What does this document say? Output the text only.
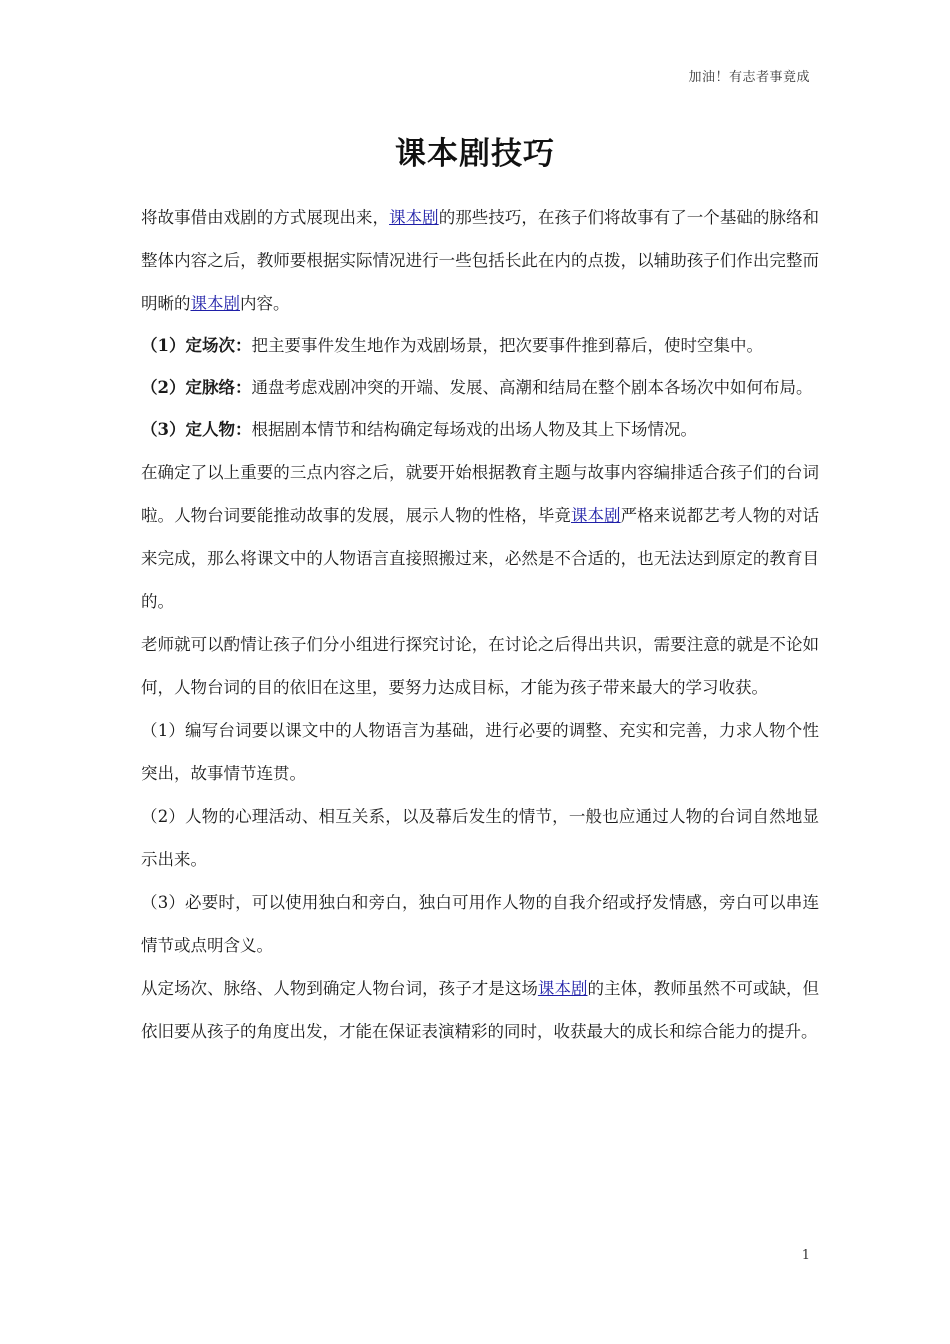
加油！有志者事竟成
课本剧技巧

将故事借由戏剧的方式展现出来，课本剧的那些技巧，在孩子们将故事有了一个基础的脉络和整体内容之后，教师要根据实际情况进行一些包括长此在内的点拨，以辅助孩子们作出完整而明晰的课本剧内容。

（1）定场次：把主要事件发生地作为戏剧场景，把次要事件推到幕后，使时空集中。

（2）定脉络：通盘考虑戏剧冲突的开端、发展、高潮和结局在整个剧本各场次中如何布局。

（3）定人物：根据剧本情节和结构确定每场戏的出场人物及其上下场情况。

在确定了以上重要的三点内容之后，就要开始根据教育主题与故事内容编排适合孩子们的台词啦。人物台词要能推动故事的发展，展示人物的性格，毕竟课本剧严格来说都艺考人物的对话来完成，那么将课文中的人物语言直接照搬过来，必然是不合适的，也无法达到原定的教育目的。

老师就可以酌情让孩子们分小组进行探究讨论，在讨论之后得出共识，需要注意的就是不论如何，人物台词的目的依旧在这里，要努力达成目标，才能为孩子带来最大的学习收获。

（1）编写台词要以课文中的人物语言为基础，进行必要的调整、充实和完善，力求人物个性突出，故事情节连贯。

（2）人物的心理活动、相互关系，以及幕后发生的情节，一般也应通过人物的台词自然地显示出来。

（3）必要时，可以使用独白和旁白，独白可用作人物的自我介绍或抒发情感，旁白可以串连情节或点明含义。

从定场次、脉络、人物到确定人物台词，孩子才是这场课本剧的主体，教师虽然不可或缺，但依旧要从孩子的角度出发，才能在保证表演精彩的同时，收获最大的成长和综合能力的提升。

1
